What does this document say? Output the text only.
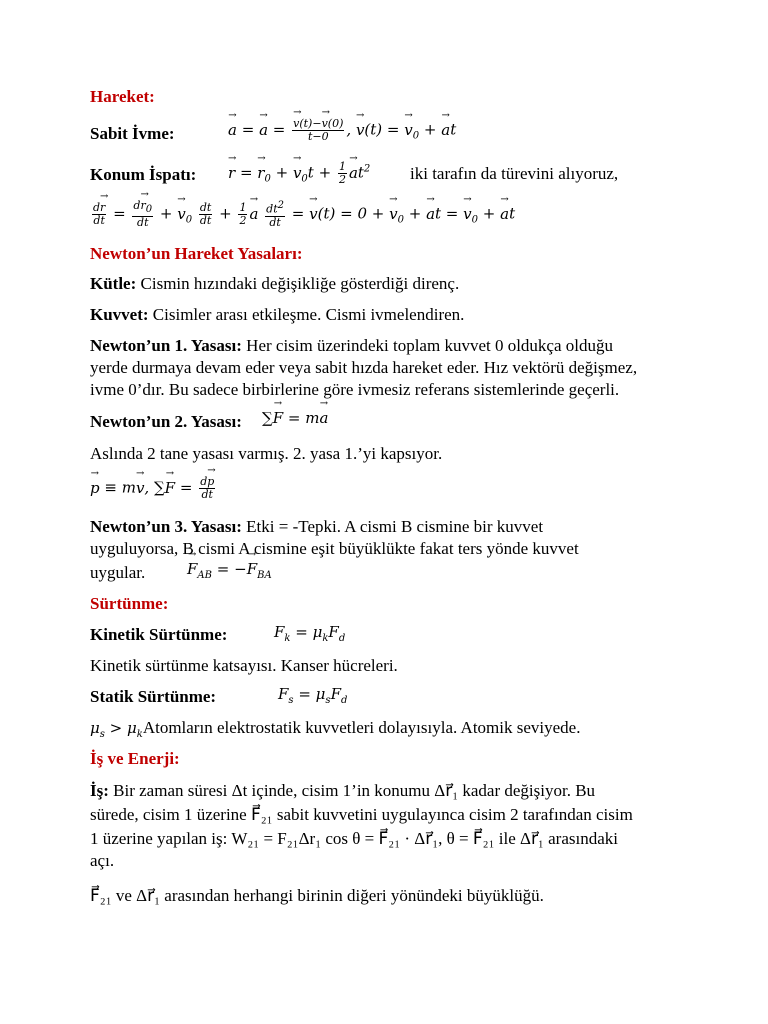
Hareket:
Sabit İvme:
→	a = → a =
→ $\frac{v(t)-\to v(0)}{t-0}$ , → v(t) = → $v_0$ + → at
Konum İspatı:
→ r = → $r_0$ + → $v_0t + \frac{1}{2}$
→ $at^2$ iki tarafın da türevini alıyoruz,
$\frac{d\to r}{dt} = \frac{d\to r_0}{dt}$ + → $v_0 \frac{dt}{dt} + \frac{1}{2}$
→ a $\frac{dt^2}{dt}$ = → v(t) = 0 + → $v_0$ + → at = → $v_0$ + → at
Newton’un Hareket Yasaları:
Kütle: Cismin hızındaki değişikliğe gösterdiği direnç.
Kuvvet: Cisimler arası etkileşme. Cismi ivmelendiren.
Newton’un 1. Yasası: Her cisim üzerindeki toplam kuvvet 0 oldukça olduğu
yerde durmaya devam eder veya sabit hızda hareket eder. Hız vektörü değişmez,
ivme 0’dır. Bu sadece birbirlerine göre ivmesiz referans sistemlerinde geçerli.
Newton’un 2. Yasası: ∑→ F = m→ a
Aslında 2 tane yasası varmış. 2. yasa 1.’yi kapsıyor.
→ p ≡ m→ v, ∑→ $F = \frac{d\to p}{dt}$
Newton’un 3. Yasası: Etki = -Tepki. A cismi B cismine bir kuvvet
uyguluyorsa, B cismi A cismine eşit büyüklükte fakat ters yönde kuvvet
uygular.
→	$F_{AB}$ = −→ $F_{BA}$
Sürtünme:
Kinetik Sürtünme:	$F_k = \mu_kF_d$
Kinetik sürtünme katsayısı. Kanser hücreleri.
Statik Sürtünme:	$F_s = \mu_sF_d$
$\mu_s$ > $\mu_kAtomların$ elektrostatik kuvvetleri dolayısıyla. Atomik seviyede.
İş ve Enerji:
İş: Bir zaman süresi Δt içinde, cisim 1’in konumu Δr⃗₁ kadar değişiyor. Bu
sürede, cisim 1 üzerine F⃗₂₁ sabit kuvvetini uygulayınca cisim 2 tarafından cisim
1 üzerine yapılan iş: W₂₁ = F₂₁Δr₁ cos θ = F⃗₂₁ · Δr⃗₁, θ = F⃗₂₁ ile Δr⃗₁ arasındaki
açı.
F⃗₂₁ ve Δr⃗₁ arasından herhangi birinin diğeri yönündeki büyüklüğü.
